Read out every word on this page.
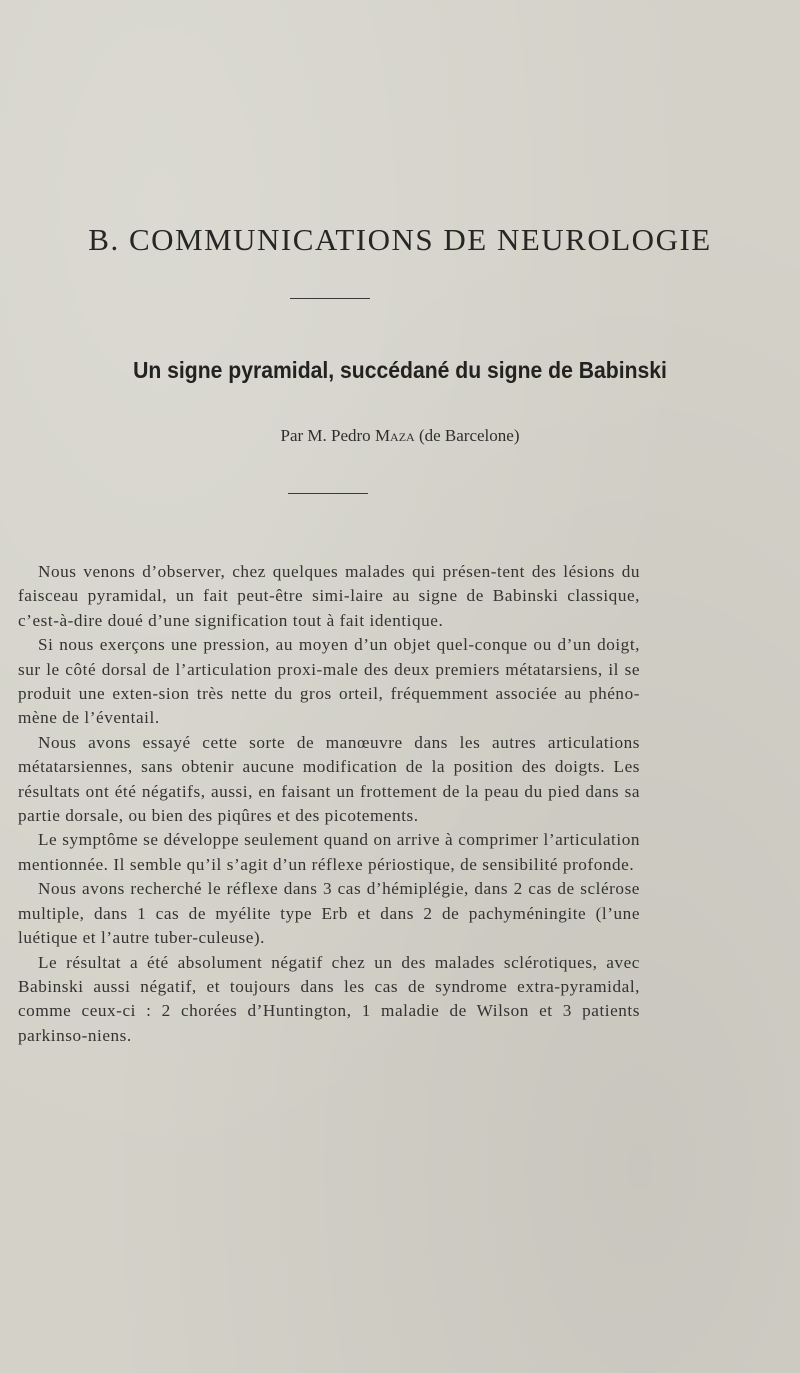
B. COMMUNICATIONS DE NEUROLOGIE
Un signe pyramidal, succédané du signe de Babinski

Par M. Pedro Maza (de Barcelone)

Nous venons d’observer, chez quelques malades qui présen-tent des lésions du faisceau pyramidal, un fait peut-être simi-laire au signe de Babinski classique, c’est-à-dire doué d’une signification tout à fait identique.

Si nous exerçons une pression, au moyen d’un objet quel-conque ou d’un doigt, sur le côté dorsal de l’articulation proxi-male des deux premiers métatarsiens, il se produit une exten-sion très nette du gros orteil, fréquemment associée au phéno-mène de l’éventail.

Nous avons essayé cette sorte de manœuvre dans les autres articulations métatarsiennes, sans obtenir aucune modification de la position des doigts. Les résultats ont été négatifs, aussi, en faisant un frottement de la peau du pied dans sa partie dorsale, ou bien des piqûres et des picotements.

Le symptôme se développe seulement quand on arrive à comprimer l’articulation mentionnée. Il semble qu’il s’agit d’un réflexe périostique, de sensibilité profonde.

Nous avons recherché le réflexe dans 3 cas d’hémiplégie, dans 2 cas de sclérose multiple, dans 1 cas de myélite type Erb et dans 2 de pachyméningite (l’une luétique et l’autre tuber-culeuse).

Le résultat a été absolument négatif chez un des malades sclérotiques, avec Babinski aussi négatif, et toujours dans les cas de syndrome extra-pyramidal, comme ceux-ci : 2 chorées d’Huntington, 1 maladie de Wilson et 3 patients parkinso-niens.
